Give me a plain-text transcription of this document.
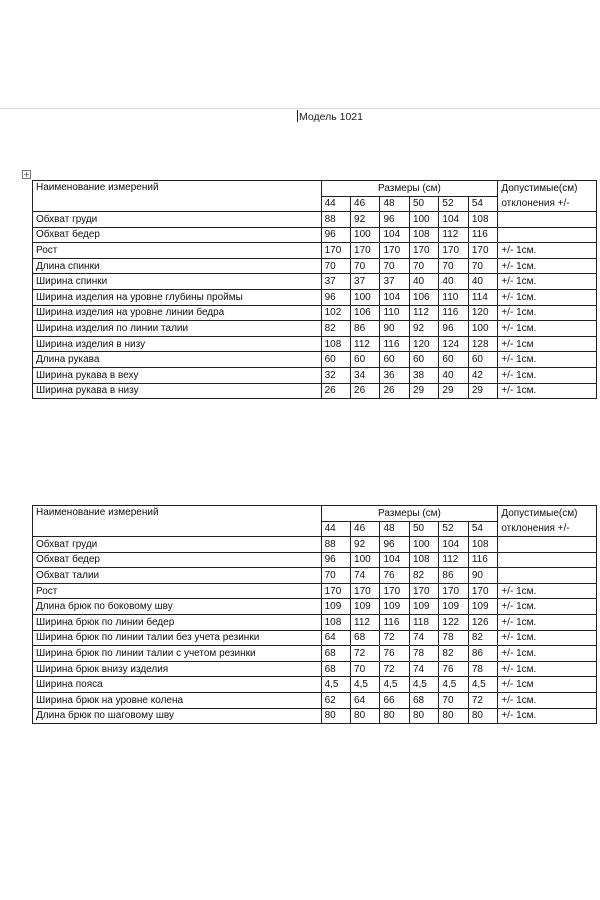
Модель 1021
+
Наименование измерений	Размеры (см)						Допустимые(см)
отклонения +/-

	44	46	48	50	52	54	
Обхват груди	88	92	96	100	104	108	
Обхват бедер	96	100	104	108	112	116	
Рост	170	170	170	170	170	170	+/- 1см.
Длина спинки	70	70	70	70	70	70	+/- 1см.
Ширина спинки	37	37	37	40	40	40	+/- 1см.
Ширина изделия на уровне глубины проймы	96	100	104	106	110	114	+/- 1см.
Ширина изделия на уровне линии бедра	102	106	110	112	116	120	+/- 1см.
Ширина изделия по линии талии	82	86	90	92	96	100	+/- 1см.
Ширина изделия в низу	108	112	116	120	124	128	+/- 1см
Длина рукава	60	60	60	60	60	60	+/- 1см.
Ширина рукава в веху	32	34	36	38	40	42	+/- 1см.
Ширина рукава в низу	26	26	26	29	29	29	+/- 1см.
Наименование измерений	Размеры (см)						Допустимые(см)
отклонения +/-

	44	46	48	50	52	54	
Обхват груди	88	92	96	100	104	108	
Обхват бедер	96	100	104	108	112	116	
Обхват талии	70	74	76	82	86	90	
Рост	170	170	170	170	170	170	+/- 1см.
Длина брюк по боковому шву	109	109	109	109	109	109	+/- 1см.
Ширина брюк по линии бедер	108	112	116	118	122	126	+/- 1см.
Ширина брюк по линии талии без учета резинки	64	68	72	74	78	82	+/- 1см.
Ширина брюк по линии талии с учетом резинки	68	72	76	78	82	86	+/- 1см.
Ширина брюк внизу изделия	68	70	72	74	76	78	+/- 1см.
Ширина пояса	4,5	4,5	4,5	4,5	4,5	4,5	+/- 1см
Ширина брюк на уровне колена	62	64	66	68	70	72	+/- 1см.
Длина брюк по шаговому шву	80	80	80	80	80	80	+/- 1см.
